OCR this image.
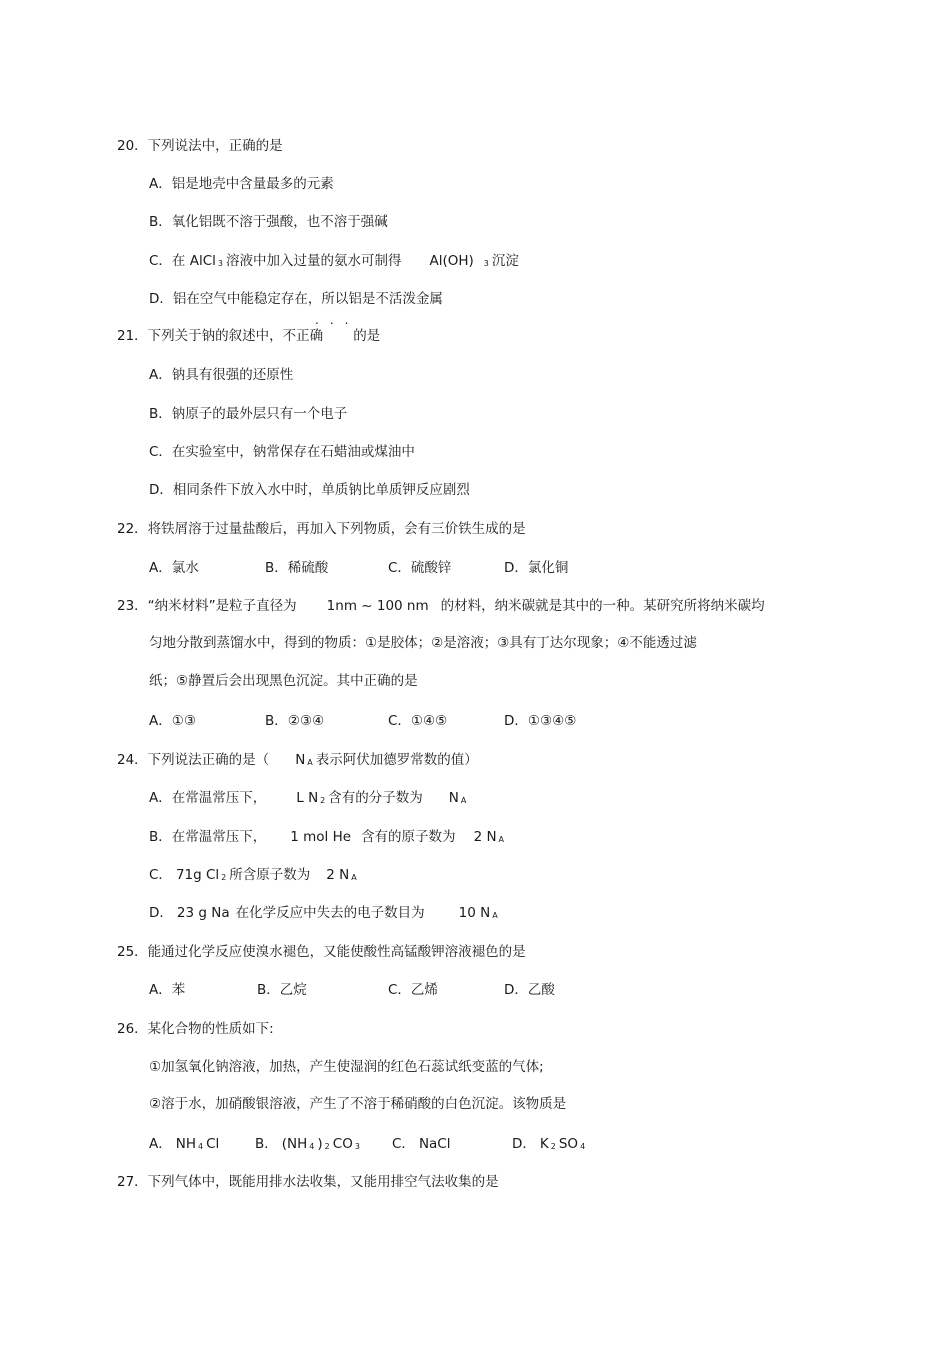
20．下列说法中，正确的是
A．铝是地壳中含量最多的元素
B．氧化铝既不溶于强酸，也不溶于强碱
C．在 AlCl 3 溶液中加入过量的氨水可制得 Al(OH) 3 沉淀
D．铝在空气中能稳定存在，所以铝是不活泼金属
...
21．下列关于钠的叙述中，不正确 的是
A．钠具有很强的还原性
B．钠原子的最外层只有一个电子
C．在实验室中，钠常保存在石蜡油或煤油中
D．相同条件下放入水中时，单质钠比单质钾反应剧烈
22．将铁屑溶于过量盐酸后，再加入下列物质，会有三价铁生成的是
A．氯水	B．稀硫酸	C．硫酸锌	D．氯化铜
23．“纳米材料”是粒子直径为 1nm ~ 100 nm 的材料，纳米碳就是其中的一种。某研究所将纳米碳均
匀地分散到蒸馏水中，得到的物质：①是胶体；②是溶液；③具有丁达尔现象；④不能透过滤
纸；⑤静置后会出现黑色沉淀。其中正确的是
A．①③	B．②③④	C．①④⑤	D．①③④⑤
24．下列说法正确的是（ N A 表示阿伏加德罗常数的值）
A．在常温常压下， L N 2 含有的分子数为 N A
B．在常温常压下， 1 mol He 含有的原子数为 2 N A
C． 71g Cl 2 所含原子数为 2 N A
D． 23 g Na 在化学反应中失去的电子数目为	10 N A
25．能通过化学反应使溴水褪色，又能使酸性高锰酸钾溶液褪色的是
A．苯	B．乙烷	C．乙烯	D．乙酸
26．某化合物的性质如下:
①加氢氧化钠溶液，加热，产生使湿润的红色石蕊试纸变蓝的气体;
②溶于水，加硝酸银溶液，产生了不溶于稀硝酸的白色沉淀。该物质是
A． NH 4 Cl	B． (NH 4 ) 2 CO 3 C． NaCl	D． K 2 SO 4
27．下列气体中，既能用排水法收集，又能用排空气法收集的是
